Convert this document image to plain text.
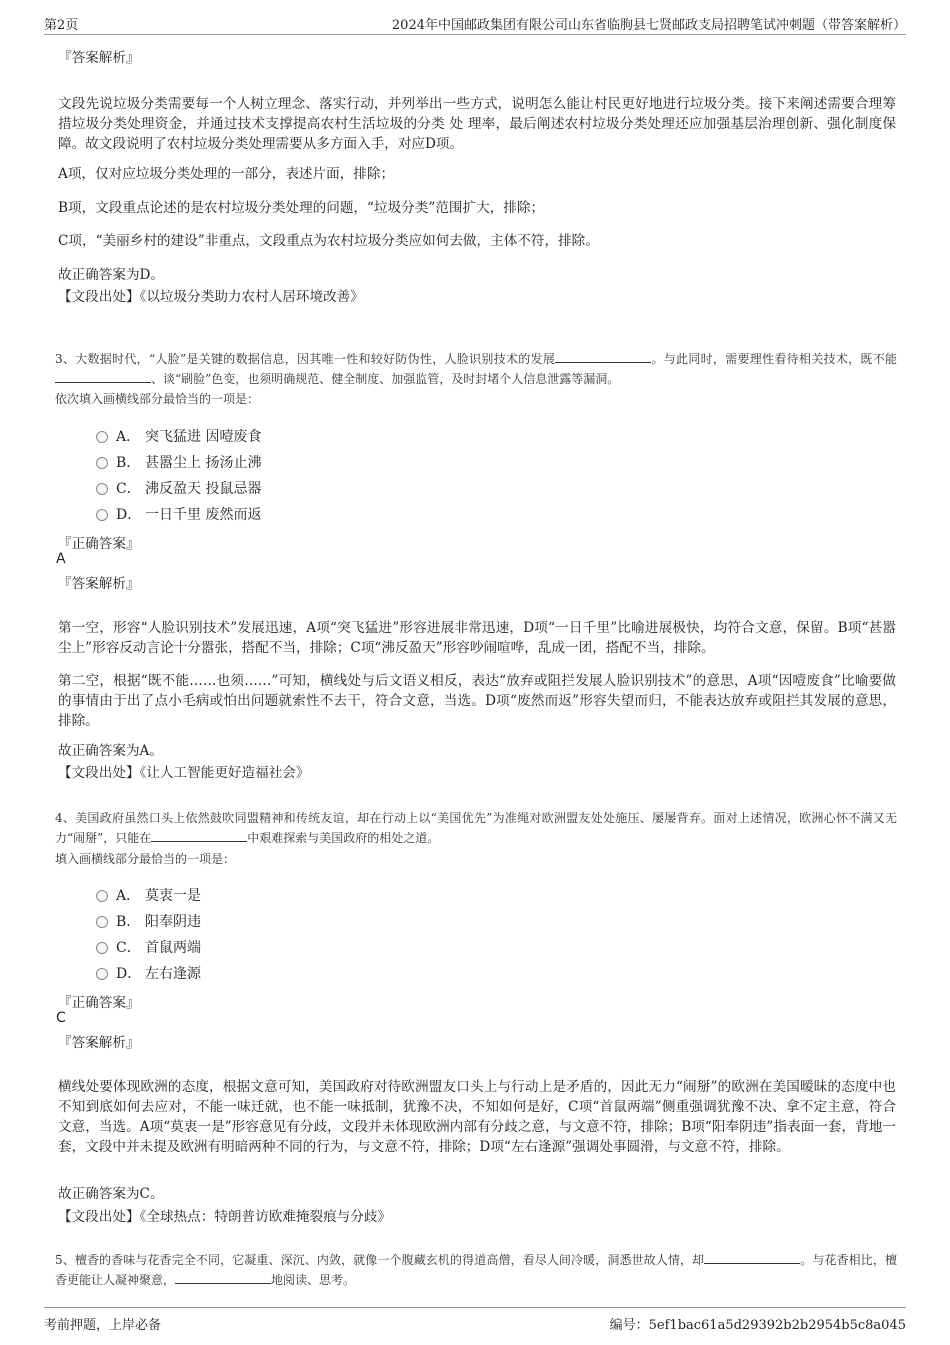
第2页	2024年中国邮政集团有限公司山东省临朐县七贤邮政支局招聘笔试冲刺题（带答案解析）
『答案解析』

文段先说垃圾分类需要每一个人树立理念、落实行动，并列举出一些方式，说明怎么能让村民更好地进行垃圾分类。接下来阐述需要合理筹措垃圾分类处理资金，并通过技术支撑提高农村生活垃圾的分类 处 理率，最后阐述农村垃圾分类处理还应加强基层治理创新、强化制度保障。故文段说明了农村垃圾分类处理需要从多方面入手，对应D项。

A项，仅对应垃圾分类处理的一部分，表述片面，排除；

B项，文段重点论述的是农村垃圾分类处理的问题，“垃圾分类”范围扩大，排除；

C项，“美丽乡村的建设”非重点，文段重点为农村垃圾分类应如何去做，主体不符，排除。

故正确答案为D。

【文段出处】《以垃圾分类助力农村人居环境改善》

3、大数据时代，“人脸”是关键的数据信息，因其唯一性和较好防伪性，人脸识别技术的发展	。与此同时，需要理性看待相关技术，既不能、谈“刷脸”色变，也须明确规范、健全制度、加强监管，及时封堵个人信息泄露等漏洞。

依次填入画横线部分最恰当的一项是：
A． 突飞猛进 因噎废食
B． 甚嚣尘上 扬汤止沸
C． 沸反盈天 投鼠忌器
D． 一日千里 废然而返
『正确答案』
A
『答案解析』

第一空，形容“人脸识别技术”发展迅速，A项“突飞猛进”形容进展非常迅速，D项“一日千里”比喻进展极快，均符合文意，保留。B项“甚嚣尘上”形容反动言论十分嚣张，搭配不当，排除；C项“沸反盈天”形容吵闹喧哗，乱成一团，搭配不当，排除。

第二空，根据“既不能……也须……”可知，横线处与后文语义相反，表达“放弃或阻拦发展人脸识别技术”的意思，A项“因噎废食”比喻要做的事情由于出了点小毛病或怕出问题就索性不去干，符合文意，当选。D项“废然而返”形容失望而归，不能表达放弃或阻拦其发展的意思，排除。

故正确答案为A。

【文段出处】《让人工智能更好造福社会》

4、美国政府虽然口头上依然鼓吹同盟精神和传统友谊，却在行动上以“美国优先”为准绳对欧洲盟友处处施压、屡屡背弃。面对上述情况，欧洲心怀不满又无力“闹掰”，只能在	中艰难探索与美国政府的相处之道。

填入画横线部分最恰当的一项是：
A． 莫衷一是
B． 阳奉阴违
C． 首鼠两端
D． 左右逢源
『正确答案』
C
『答案解析』

横线处要体现欧洲的态度，根据文意可知，美国政府对待欧洲盟友口头上与行动上是矛盾的，因此无力“闹掰”的欧洲在美国暧昧的态度中也不知到底如何去应对，不能一味迁就，也不能一味抵制，犹豫不决，不知如何是好，C项“首鼠两端”侧重强调犹豫不决、拿不定主意，符合文意，当选。A项“莫衷一是”形容意见有分歧，文段并未体现欧洲内部有分歧之意，与文意不符，排除；B项“阳奉阴违”指表面一套，背地一套，文段中并未提及欧洲有明暗两种不同的行为，与文意不符，排除；D项“左右逢源”强调处事圆滑，与文意不符，排除。

故正确答案为C。

【文段出处】《全球热点：特朗普访欧难掩裂痕与分歧》

5、檀香的香味与花香完全不同，它凝重、深沉、内敛，就像一个腹藏玄机的得道高僧，看尽人间冷暖，洞悉世故人情，却	。与花香相比，檀香更能让人凝神聚意，	地阅读、思考。

考前押题，上岸必备	编号：5ef1bac61a5d29392b2b2954b5c8a045
